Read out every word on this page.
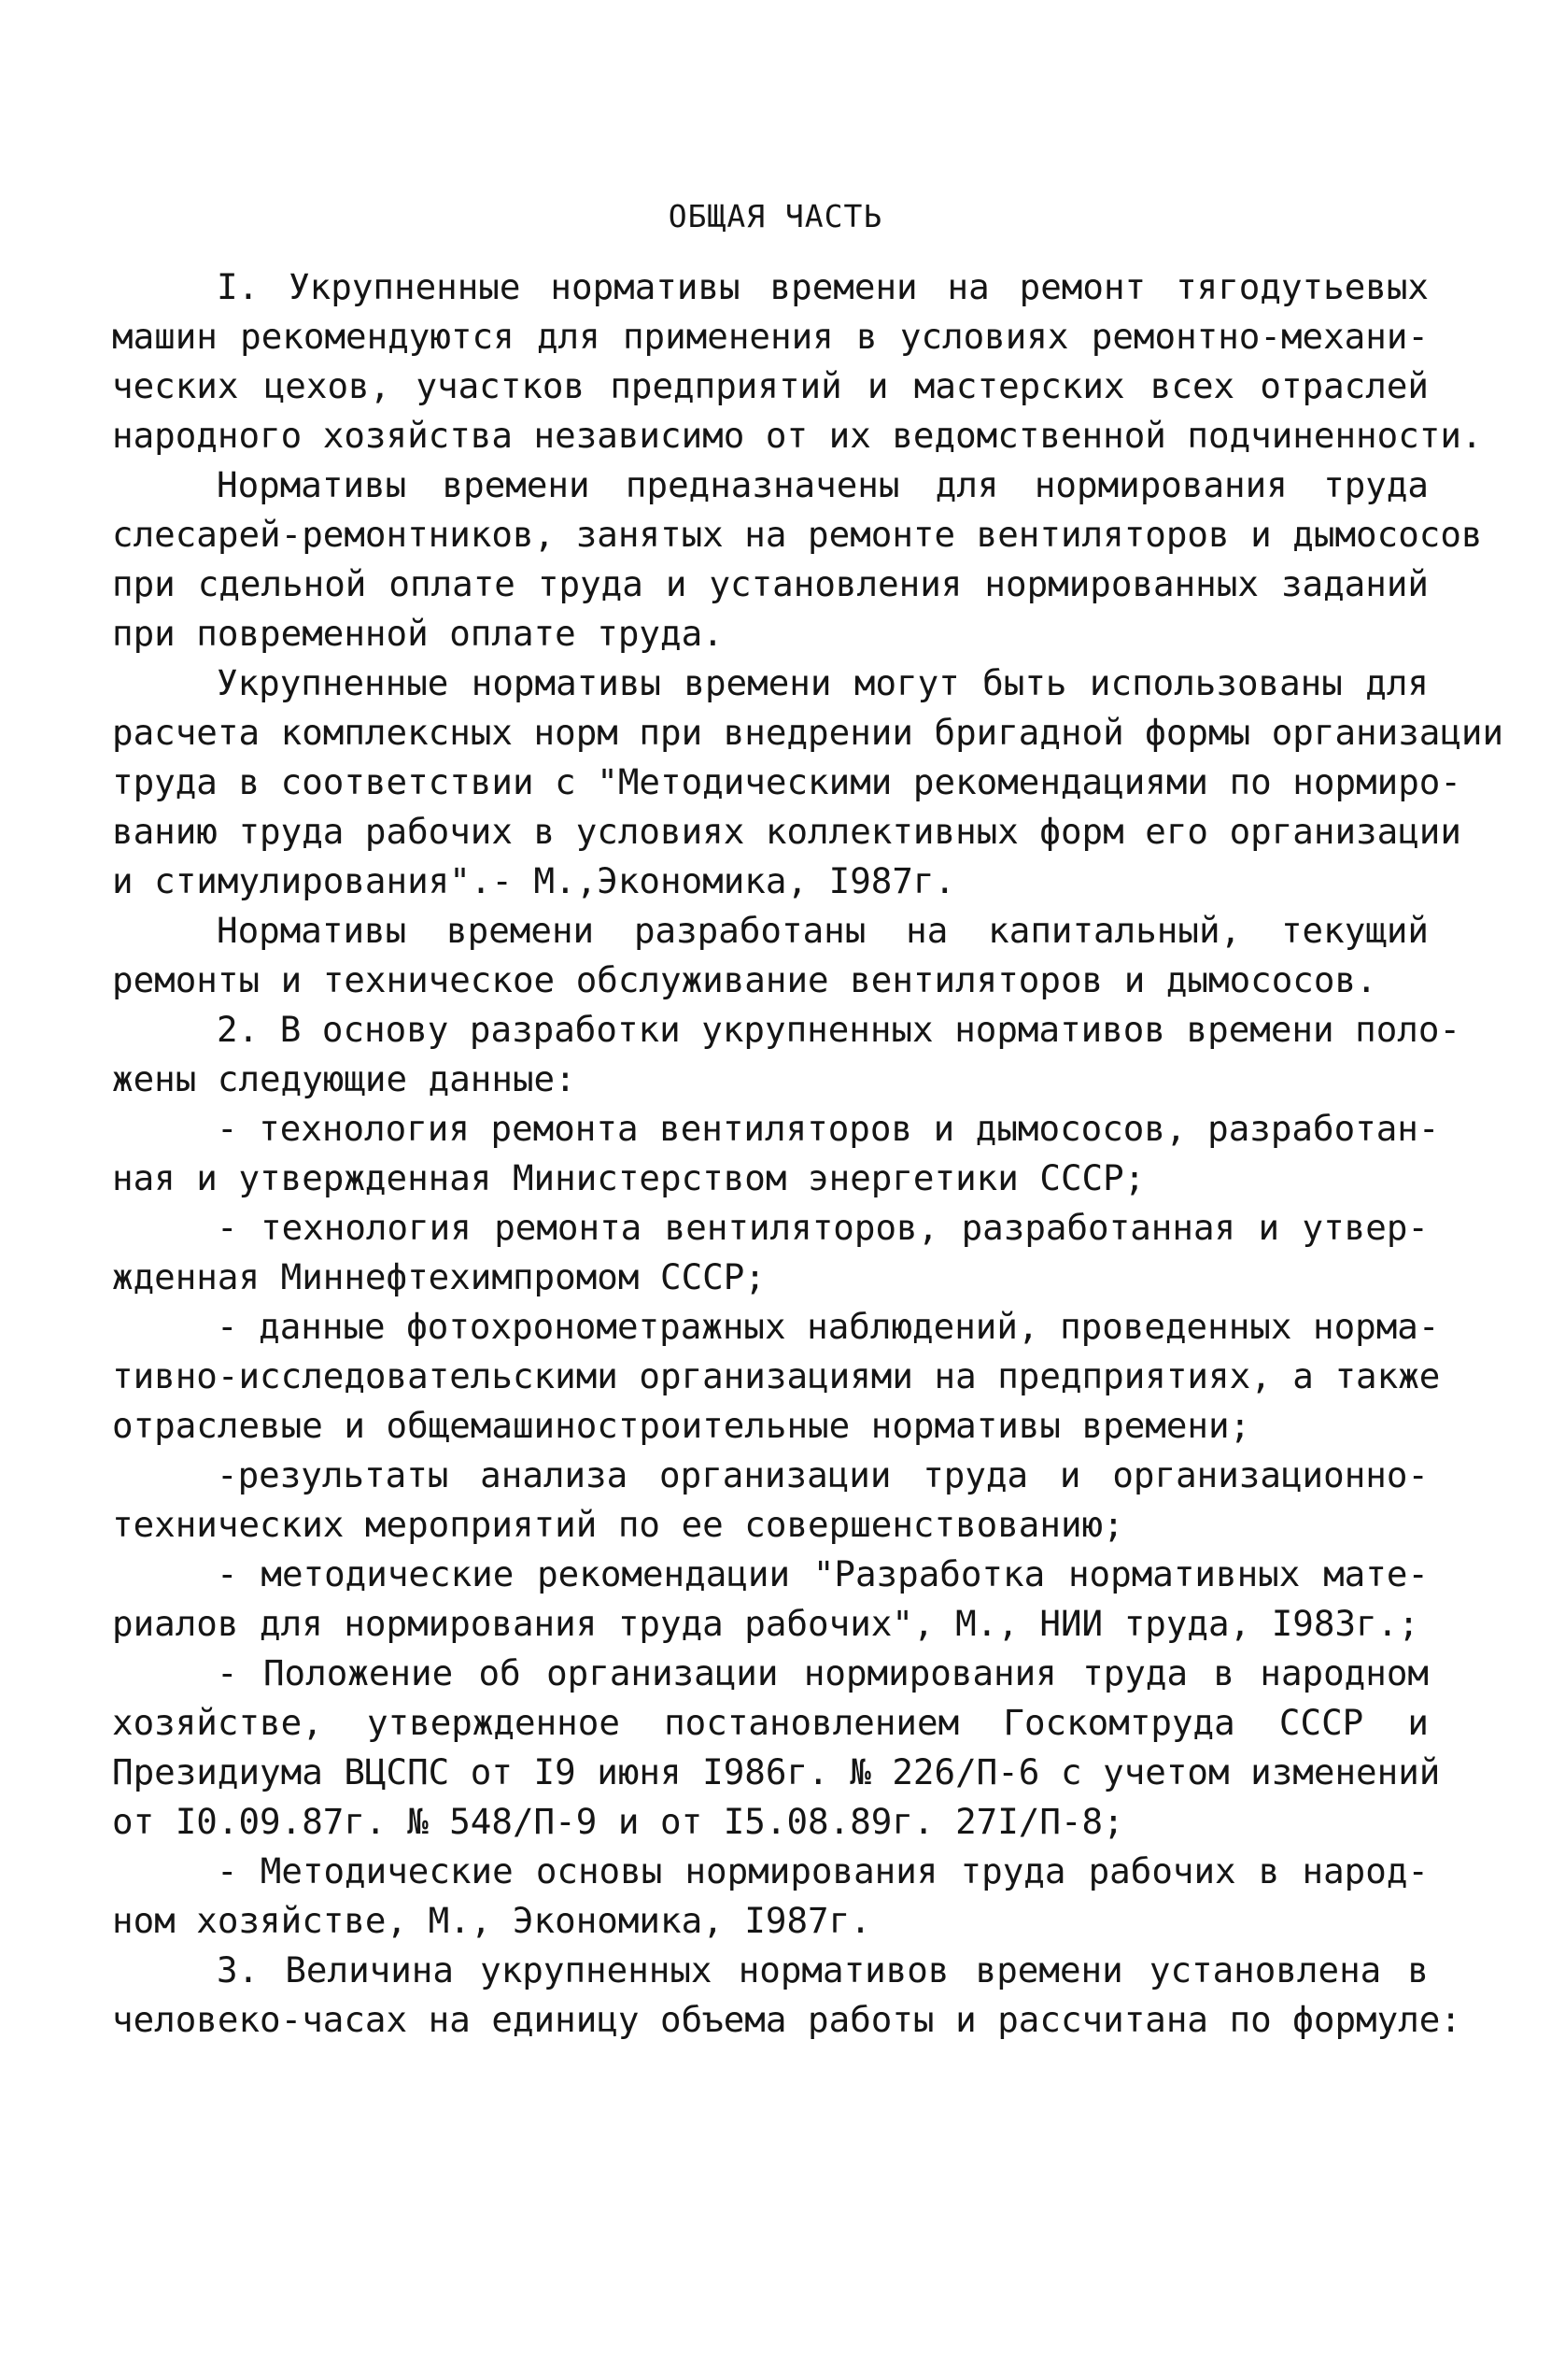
ОБЩАЯ ЧАСТЬ
I. Укрупненные нормативы времени на ремонт тягодутьевых
машин рекомендуются для применения в условиях ремонтно-механи-
ческих цехов, участков предприятий и мастерских всех отраслей
народного хозяйства независимо от их ведомственной подчиненности.
Нормативы времени предназначены для нормирования труда
слесарей-ремонтников, занятых на ремонте вентиляторов и дымососов
при сдельной оплате труда и установления нормированных заданий
при повременной оплате труда.
Укрупненные нормативы времени могут быть использованы для
расчета комплексных норм при внедрении бригадной формы организации
труда в соответствии с "Методическими рекомендациями по нормиро-
ванию труда рабочих в условиях коллективных форм его организации
и стимулирования".- М.,Экономика, I987г.
Нормативы времени разработаны на капитальный, текущий
ремонты и техническое обслуживание вентиляторов и дымососов.
2. В основу разработки укрупненных нормативов времени поло-
жены следующие данные:
- технология ремонта вентиляторов и дымососов, разработан-
ная и утвержденная Министерством энергетики СССР;
- технология ремонта вентиляторов, разработанная и утвер-
жденная Миннефтехимпромом СССР;
- данные фотохронометражных наблюдений, проведенных норма-
тивно-исследовательскими организациями на предприятиях, а также
отраслевые и общемашиностроительные нормативы времени;
-результаты анализа организации труда и организационно-
технических мероприятий по ее совершенствованию;
- методические рекомендации "Разработка нормативных мате-
риалов для нормирования труда рабочих", М., НИИ труда, I983г.;
- Положение об организации нормирования труда в народном
хозяйстве, утвержденное постановлением Госкомтруда СССР и
Президиума ВЦСПС от I9 июня I986г. № 226/П-6 с учетом изменений
от I0.09.87г. № 548/П-9 и от I5.08.89г. 27I/П-8;
- Методические основы нормирования труда рабочих в народ-
ном хозяйстве, М., Экономика, I987г.
3. Величина укрупненных нормативов времени установлена в
человеко-часах на единицу объема работы и рассчитана по формуле:
